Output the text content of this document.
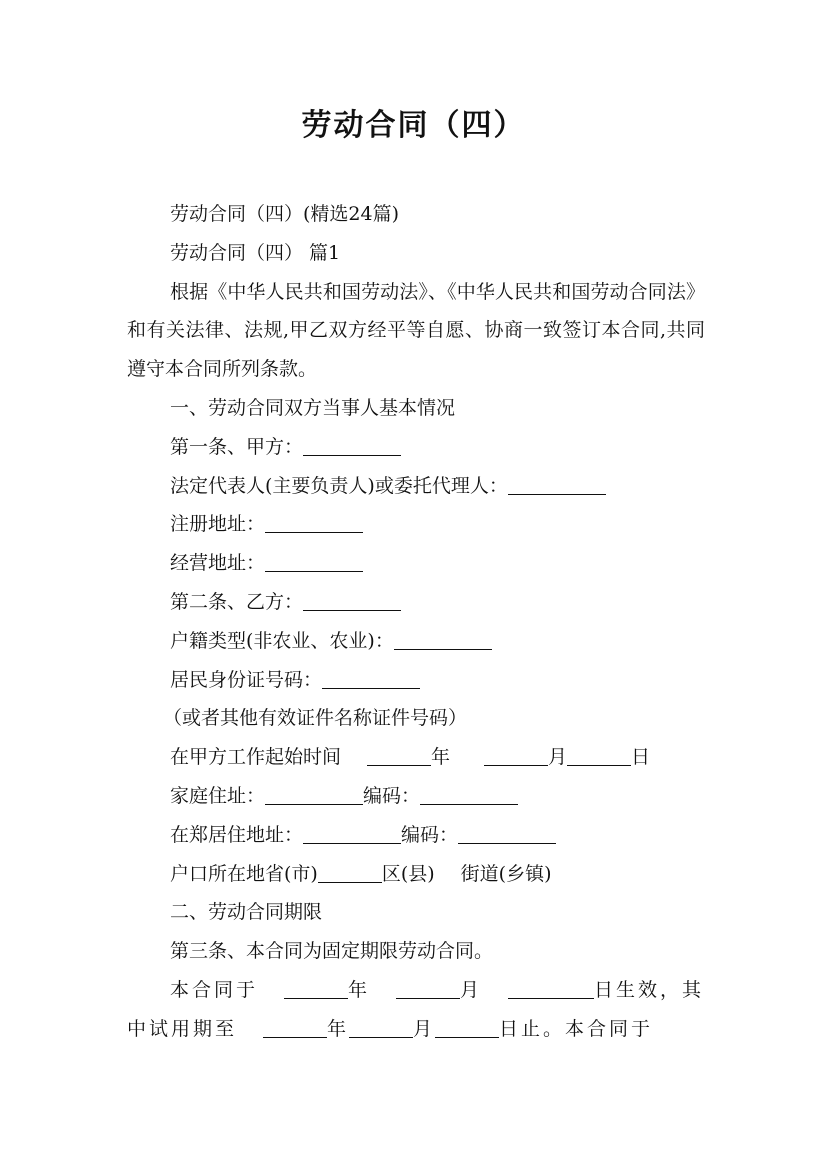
劳动合同（四）

劳动合同（四）(精选24篇)

劳动合同（四） 篇1

根据《中华人民共和国劳动法》、《中华人民共和国劳动合同法》和有关法律、法规,甲乙双方经平等自愿、协商一致签订本合同,共同遵守本合同所列条款。

一、劳动合同双方当事人基本情况

第一条、甲方：

法定代表人(主要负责人)或委托代理人：

注册地址：

经营地址：

第二条、乙方：

户籍类型(非农业、农业)：

居民身份证号码：

（或者其他有效证件名称证件号码）

在甲方工作起始时间	年	月	日

家庭住址：	编码：

在郑居住地址：	编码：

户口所在地省(市)	区(县) 街道(乡镇)

二、劳动合同期限

第三条、本合同为固定期限劳动合同。

本合同于	年	月	日生效，其

中试用期至	年	月	日止。本合同于
